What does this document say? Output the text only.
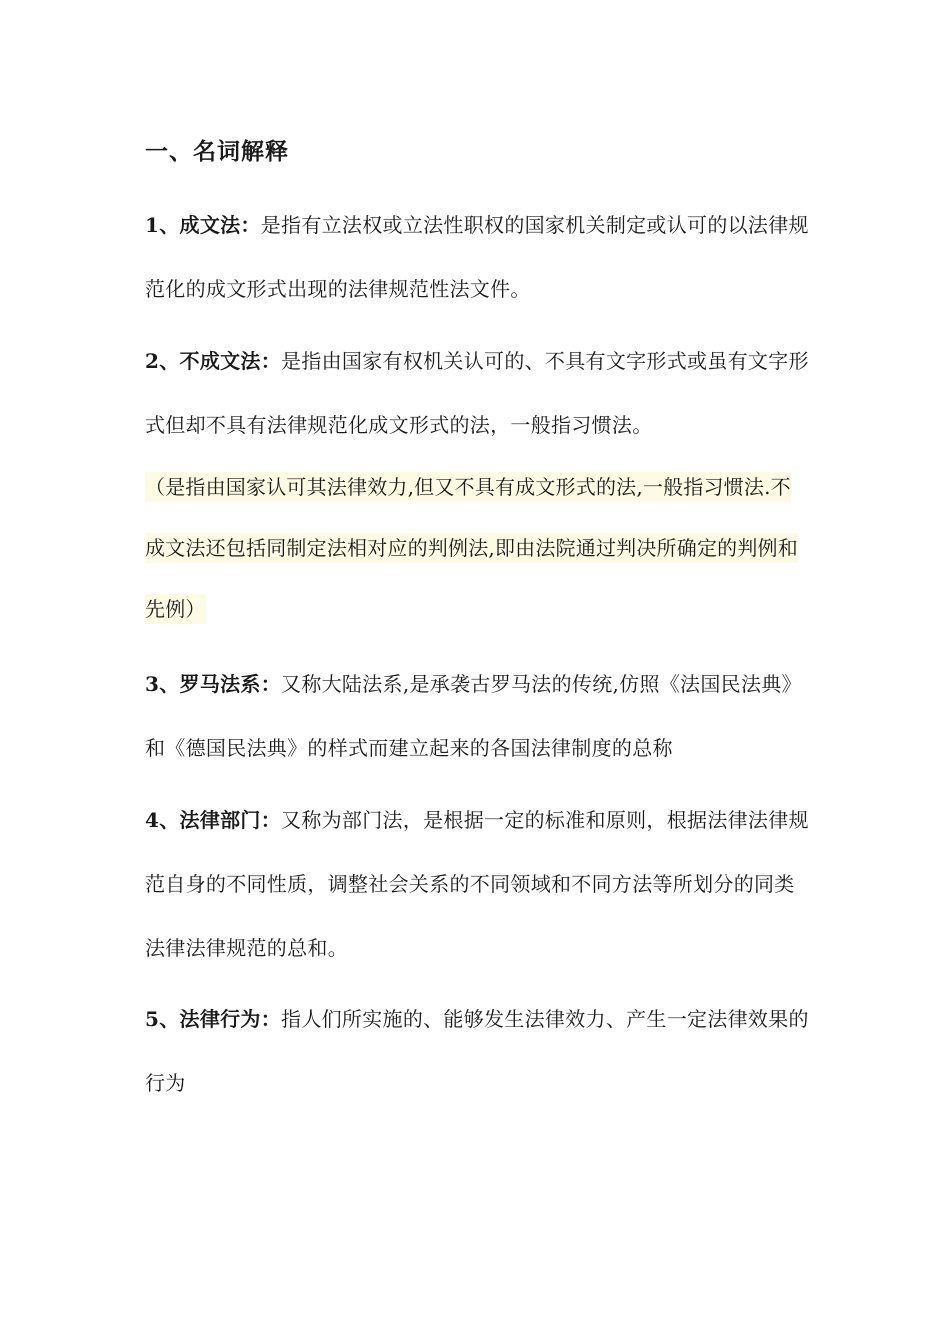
一、名词解释
1、成文法：是指有立法权或立法性职权的国家机关制定或认可的以法律规范化的成文形式出现的法律规范性法文件。
2、不成文法：是指由国家有权机关认可的、不具有文字形式或虽有文字形式但却不具有法律规范化成文形式的法，一般指习惯法。
（是指由国家认可其法律效力,但又不具有成文形式的法,一般指习惯法.不成文法还包括同制定法相对应的判例法,即由法院通过判决所确定的判例和先例）
3、罗马法系：又称大陆法系,是承袭古罗马法的传统,仿照《法国民法典》和《德国民法典》的样式而建立起来的各国法律制度的总称
4、法律部门：又称为部门法，是根据一定的标准和原则，根据法律法律规范自身的不同性质，调整社会关系的不同领域和不同方法等所划分的同类法律法律规范的总和。
5、法律行为：指人们所实施的、能够发生法律效力、产生一定法律效果的行为
